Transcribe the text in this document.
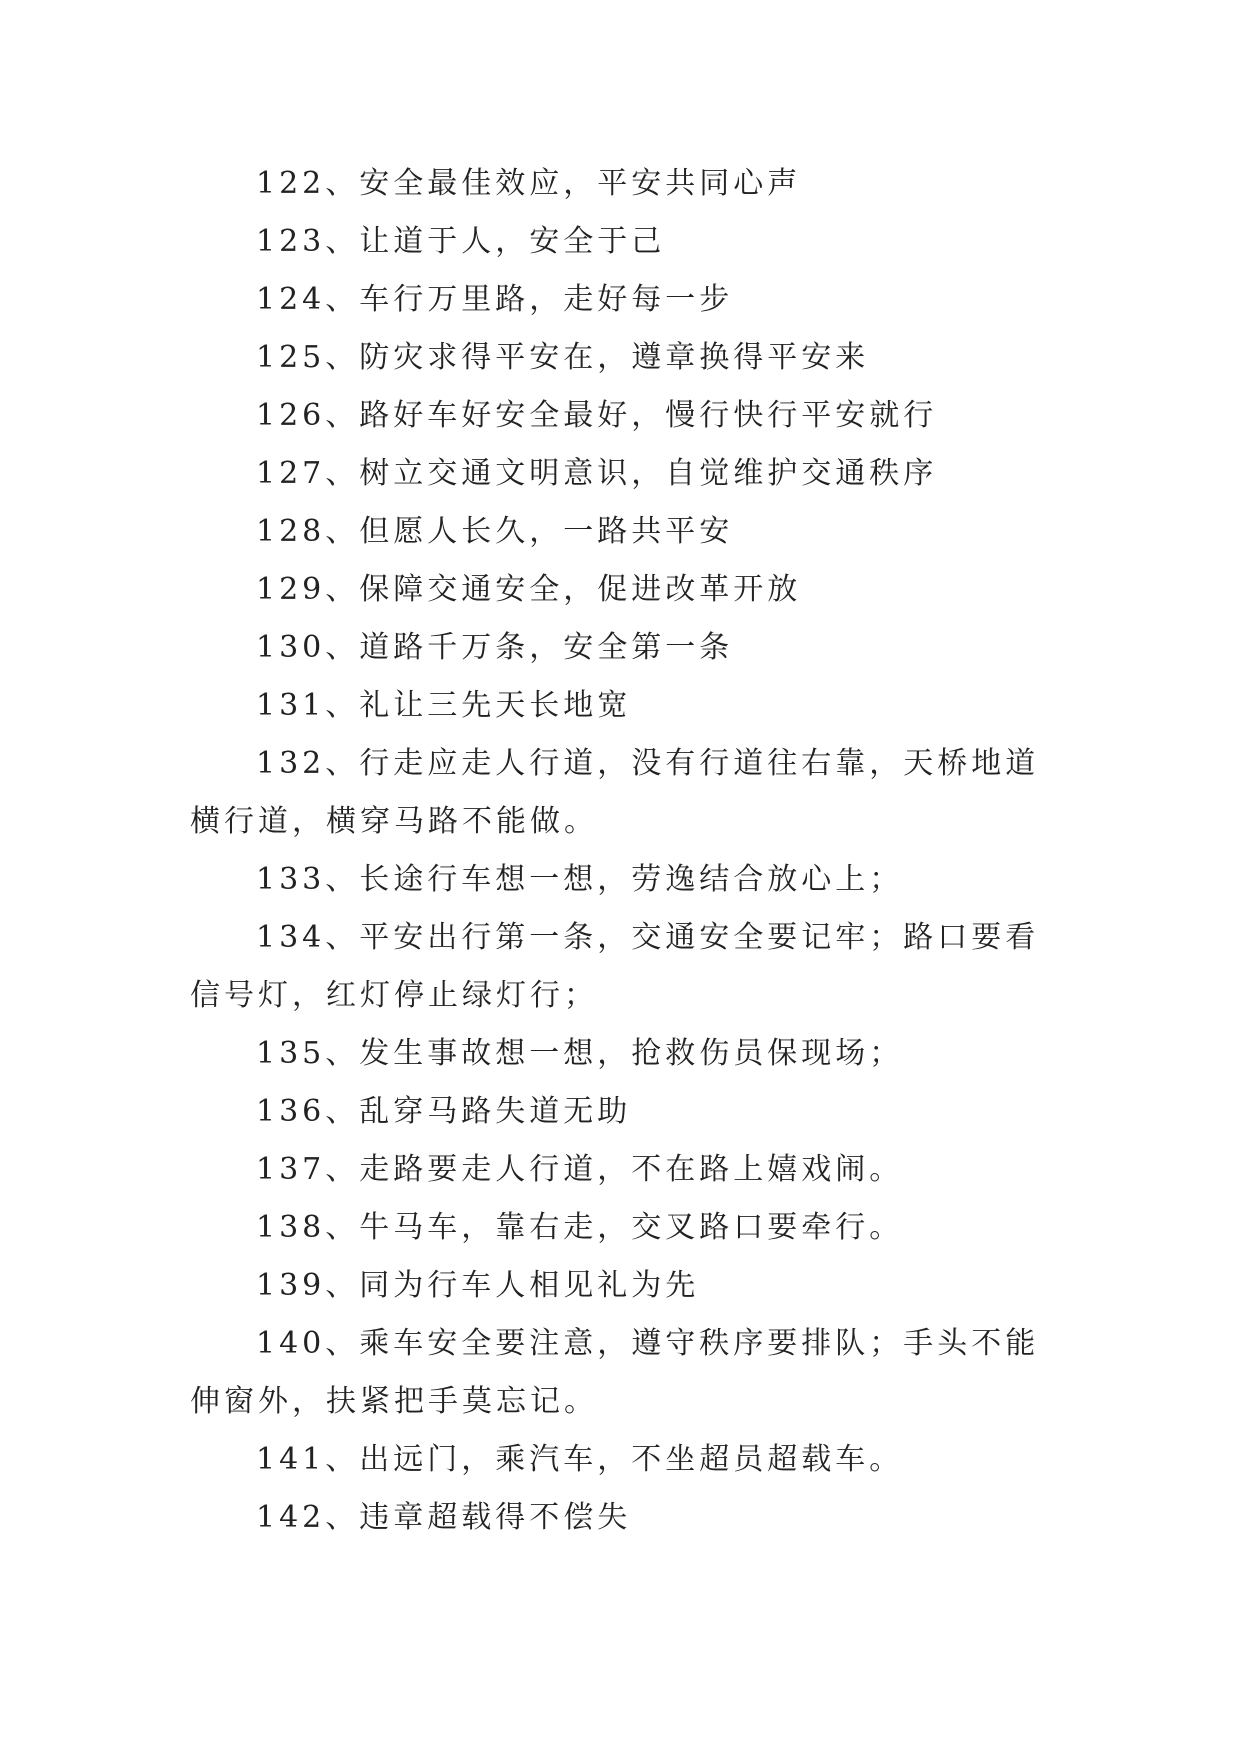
122、安全最佳效应，平安共同心声

123、让道于人，安全于己

124、车行万里路，走好每一步

125、防灾求得平安在，遵章换得平安来

126、路好车好安全最好，慢行快行平安就行

127、树立交通文明意识，自觉维护交通秩序

128、但愿人长久，一路共平安

129、保障交通安全，促进改革开放

130、道路千万条，安全第一条

131、礼让三先天长地宽

132、行走应走人行道，没有行道往右靠，天桥地道横行道，横穿马路不能做。

133、长途行车想一想，劳逸结合放心上；

134、平安出行第一条，交通安全要记牢；路口要看信号灯，红灯停止绿灯行；

135、发生事故想一想，抢救伤员保现场；

136、乱穿马路失道无助

137、走路要走人行道，不在路上嬉戏闹。

138、牛马车，靠右走，交叉路口要牵行。

139、同为行车人相见礼为先

140、乘车安全要注意，遵守秩序要排队；手头不能伸窗外，扶紧把手莫忘记。

141、出远门，乘汽车，不坐超员超载车。

142、违章超载得不偿失
